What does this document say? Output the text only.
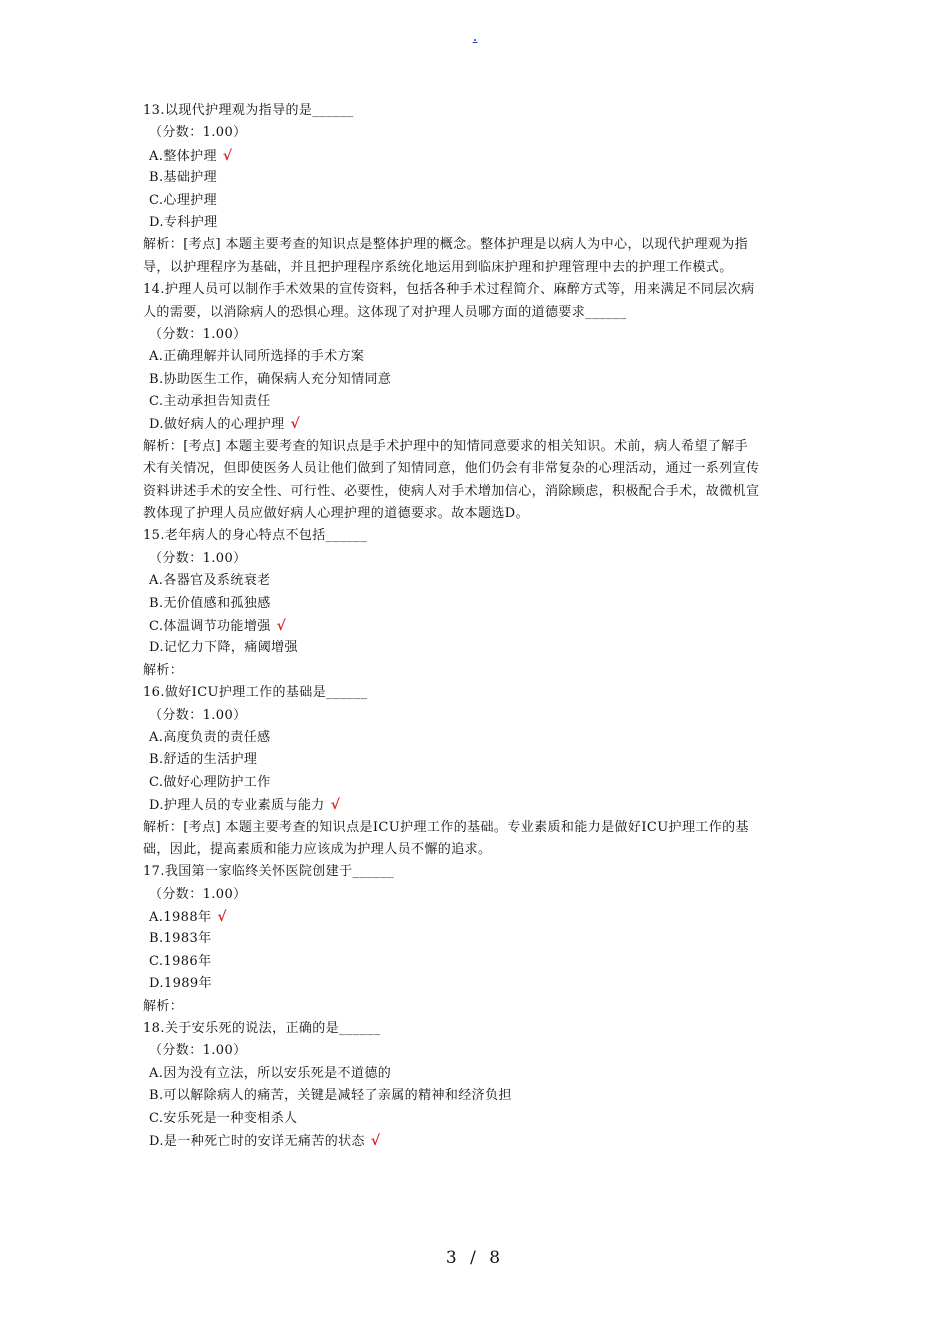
.
13.以现代护理观为指导的是______
（分数：1.00）
A.整体护理√
B.基础护理
C.心理护理
D.专科护理
解析：[考点] 本题主要考查的知识点是整体护理的概念。整体护理是以病人为中心，以现代护理观为指
导，以护理程序为基础，并且把护理程序系统化地运用到临床护理和护理管理中去的护理工作模式。
14.护理人员可以制作手术效果的宣传资料，包括各种手术过程简介、麻醉方式等，用来满足不同层次病
人的需要，以消除病人的恐惧心理。这体现了对护理人员哪方面的道德要求______
（分数：1.00）
A.正确理解并认同所选择的手术方案
B.协助医生工作，确保病人充分知情同意
C.主动承担告知责任
D.做好病人的心理护理√
解析：[考点] 本题主要考查的知识点是手术护理中的知情同意要求的相关知识。术前，病人希望了解手
术有关情况，但即使医务人员让他们做到了知情同意，他们仍会有非常复杂的心理活动，通过一系列宣传
资料讲述手术的安全性、可行性、必要性，使病人对手术增加信心，消除顾虑，积极配合手术，故微机宣
教体现了护理人员应做好病人心理护理的道德要求。故本题选D。
15.老年病人的身心特点不包括______
（分数：1.00）
A.各器官及系统衰老
B.无价值感和孤独感
C.体温调节功能增强√
D.记忆力下降，痛阈增强
解析：
16.做好ICU护理工作的基础是______
（分数：1.00）
A.高度负责的责任感
B.舒适的生活护理
C.做好心理防护工作
D.护理人员的专业素质与能力√
解析：[考点] 本题主要考查的知识点是ICU护理工作的基础。专业素质和能力是做好ICU护理工作的基
础，因此，提高素质和能力应该成为护理人员不懈的追求。
17.我国第一家临终关怀医院创建于______
（分数：1.00）
A.1988年√
B.1983年
C.1986年
D.1989年
解析：
18.关于安乐死的说法，正确的是______
（分数：1.00）
A.因为没有立法，所以安乐死是不道德的
B.可以解除病人的痛苦，关键是减轻了亲属的精神和经济负担
C.安乐死是一种变相杀人
D.是一种死亡时的安详无痛苦的状态√
3 / 8
